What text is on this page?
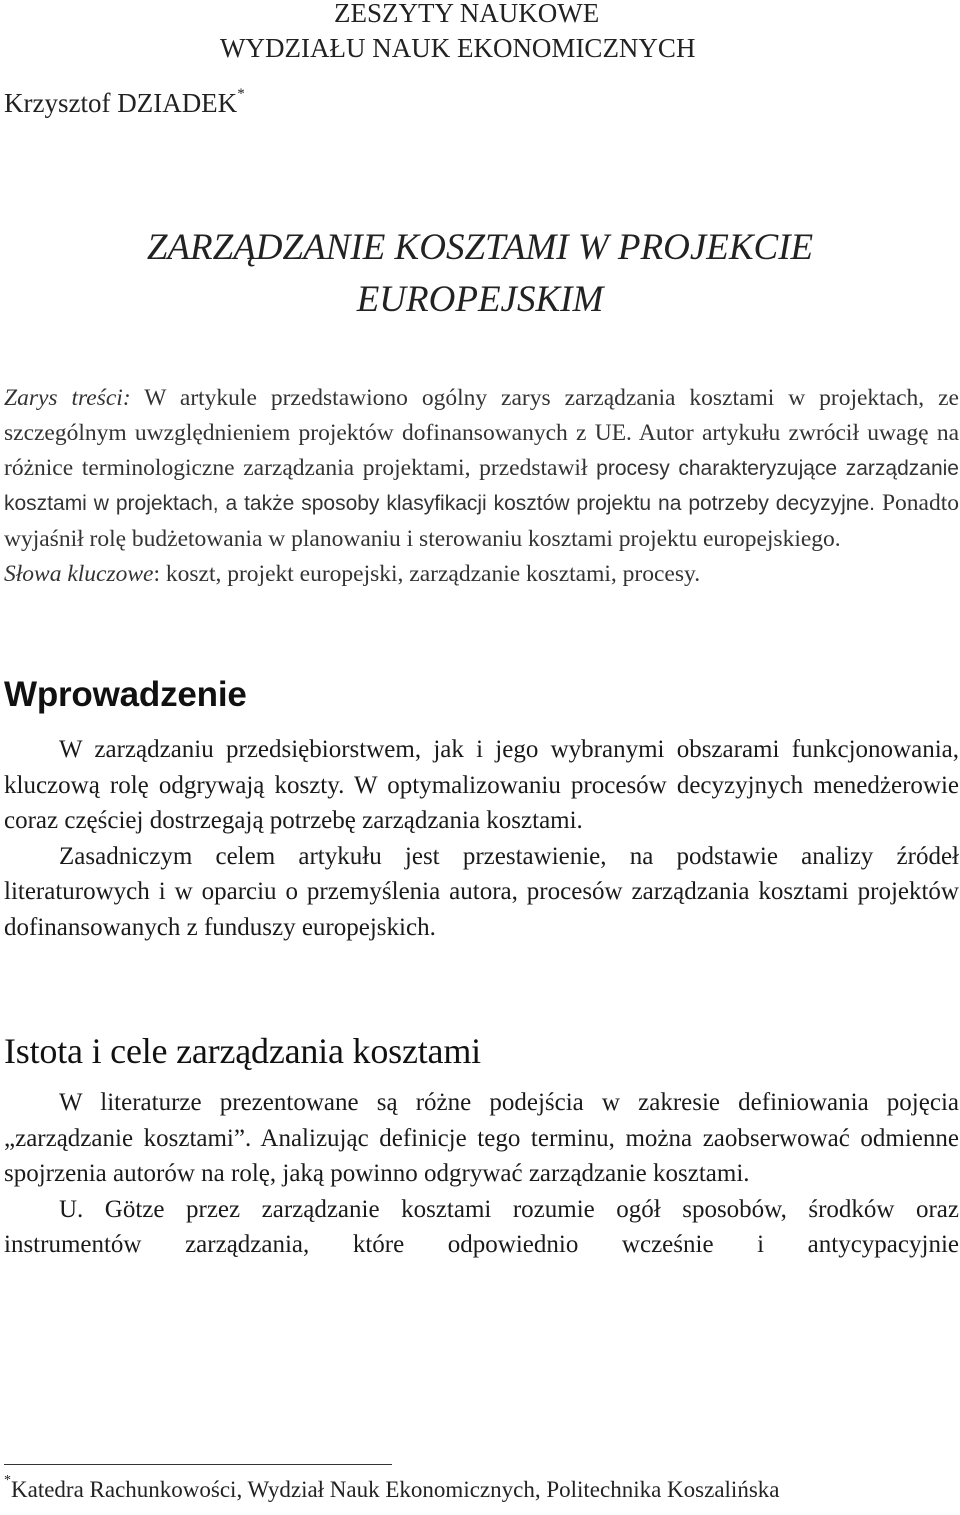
ZESZYTY NAUKOWE
WYDZIAŁU NAUK EKONOMICZNYCH
Krzysztof DZIADEK*
ZARZĄDZANIE KOSZTAMI W PROJEKCIE
EUROPEJSKIM

Zarys treści: W artykule przedstawiono ogólny zarys zarządzania kosztami w projektach, ze szczególnym uwzględnieniem projektów dofinansowanych z UE. Autor artykułu zwrócił uwagę na różnice terminologiczne zarządzania projektami, przedstawił procesy charakteryzujące zarządzanie kosztami w projektach, a także sposoby klasyfikacji kosztów projektu na potrzeby decyzyjne. Ponadto wyjaśnił rolę budżetowania w planowaniu i sterowaniu kosztami projektu europejskiego.

Słowa kluczowe: koszt, projekt europejski, zarządzanie kosztami, procesy.

Wprowadzenie

W zarządzaniu przedsiębiorstwem, jak i jego wybranymi obszarami funkcjonowania, kluczową rolę odgrywają koszty. W optymalizowaniu procesów decyzyjnych menedżerowie coraz częściej dostrzegają potrzebę zarządzania kosztami.

Zasadniczym celem artykułu jest przestawienie, na podstawie analizy źródeł literaturowych i w oparciu o przemyślenia autora, procesów zarządzania kosztami projektów dofinansowanych z funduszy europejskich.

Istota i cele zarządzania kosztami

W literaturze prezentowane są różne podejścia w zakresie definiowania pojęcia „zarządzanie kosztami”. Analizując definicje tego terminu, można zaobserwować odmienne spojrzenia autorów na rolę, jaką powinno odgrywać zarządzanie kosztami.

U. Götze przez zarządzanie kosztami rozumie ogół sposobów, środków oraz instrumentów zarządzania, które odpowiednio wcześnie i antycypacyjnie

*Katedra Rachunkowości, Wydział Nauk Ekonomicznych, Politechnika Koszalińska
